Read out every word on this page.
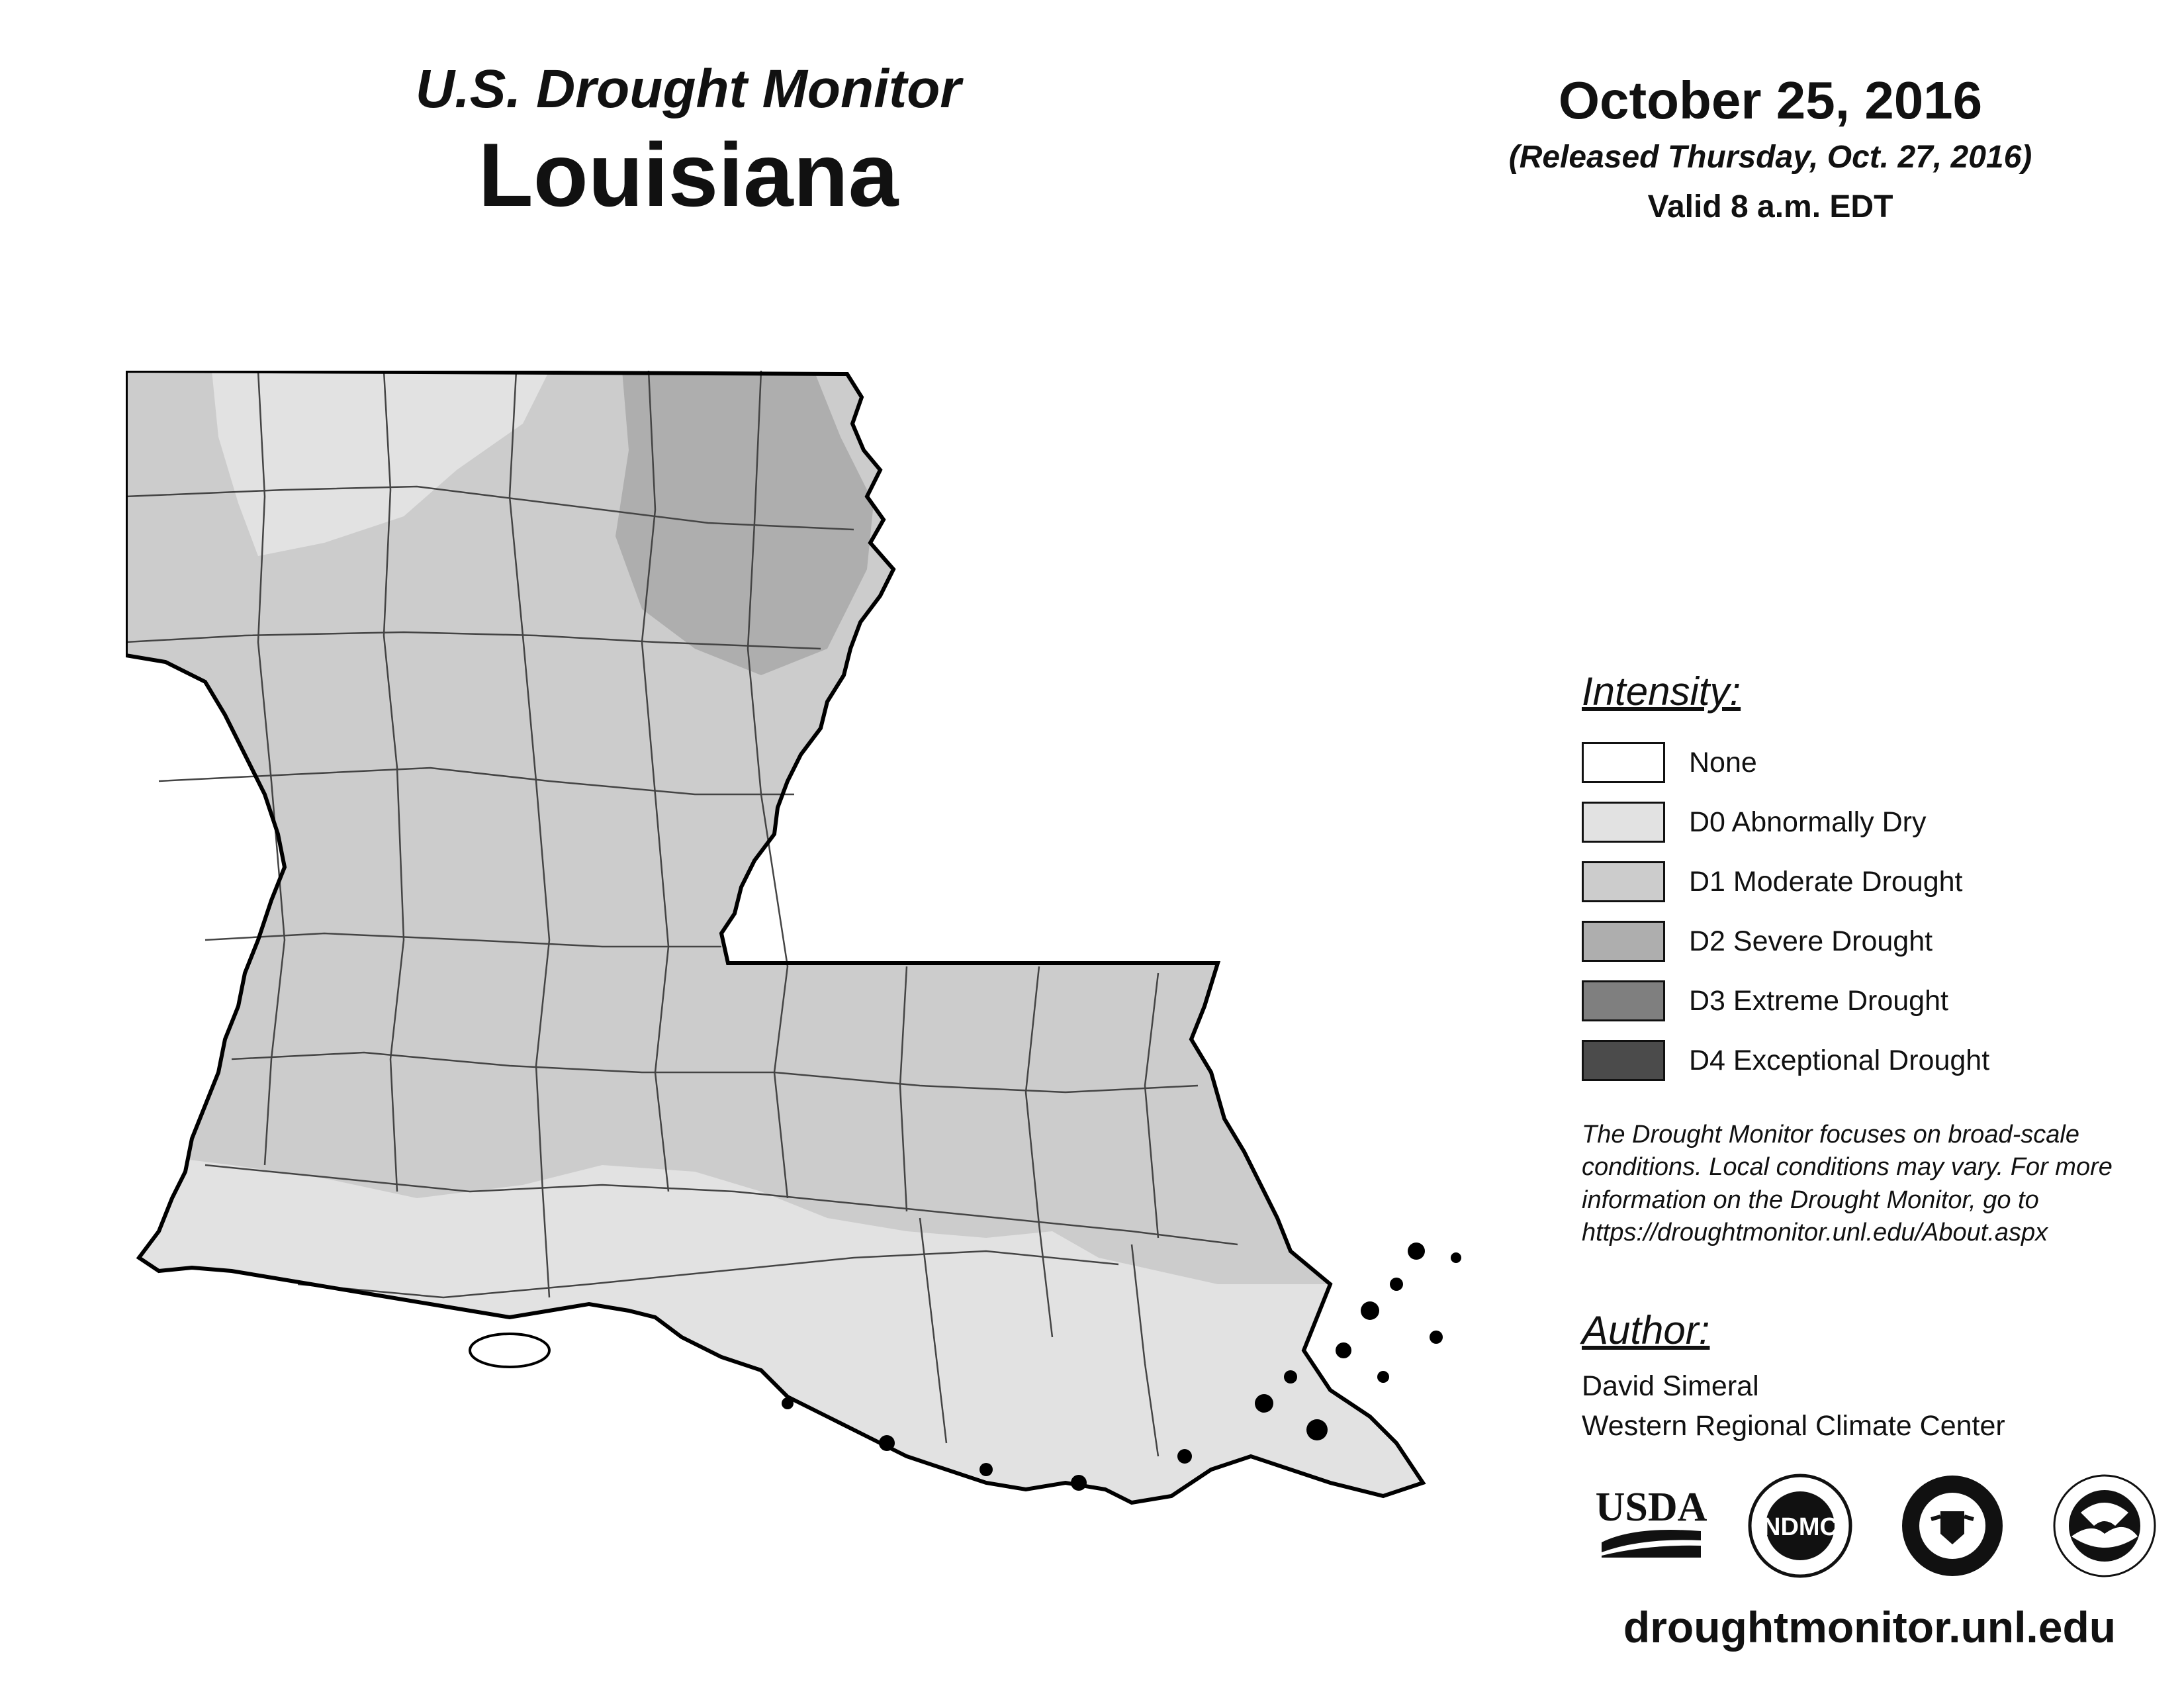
U.S. Drought Monitor
Louisiana
October 25, 2016
(Released Thursday, Oct. 27, 2016)
Valid 8 a.m. EDT
Intensity:
None
D0 Abnormally Dry
D1 Moderate Drought
D2 Severe Drought
D3 Extreme Drought
D4 Exceptional Drought
The Drought Monitor focuses on broad-scale conditions. Local conditions may vary. For more information on the Drought Monitor, go to https://droughtmonitor.unl.edu/About.aspx
Author:
David Simeral
Western Regional Climate Center
USDA NDMC
droughtmonitor.unl.edu
